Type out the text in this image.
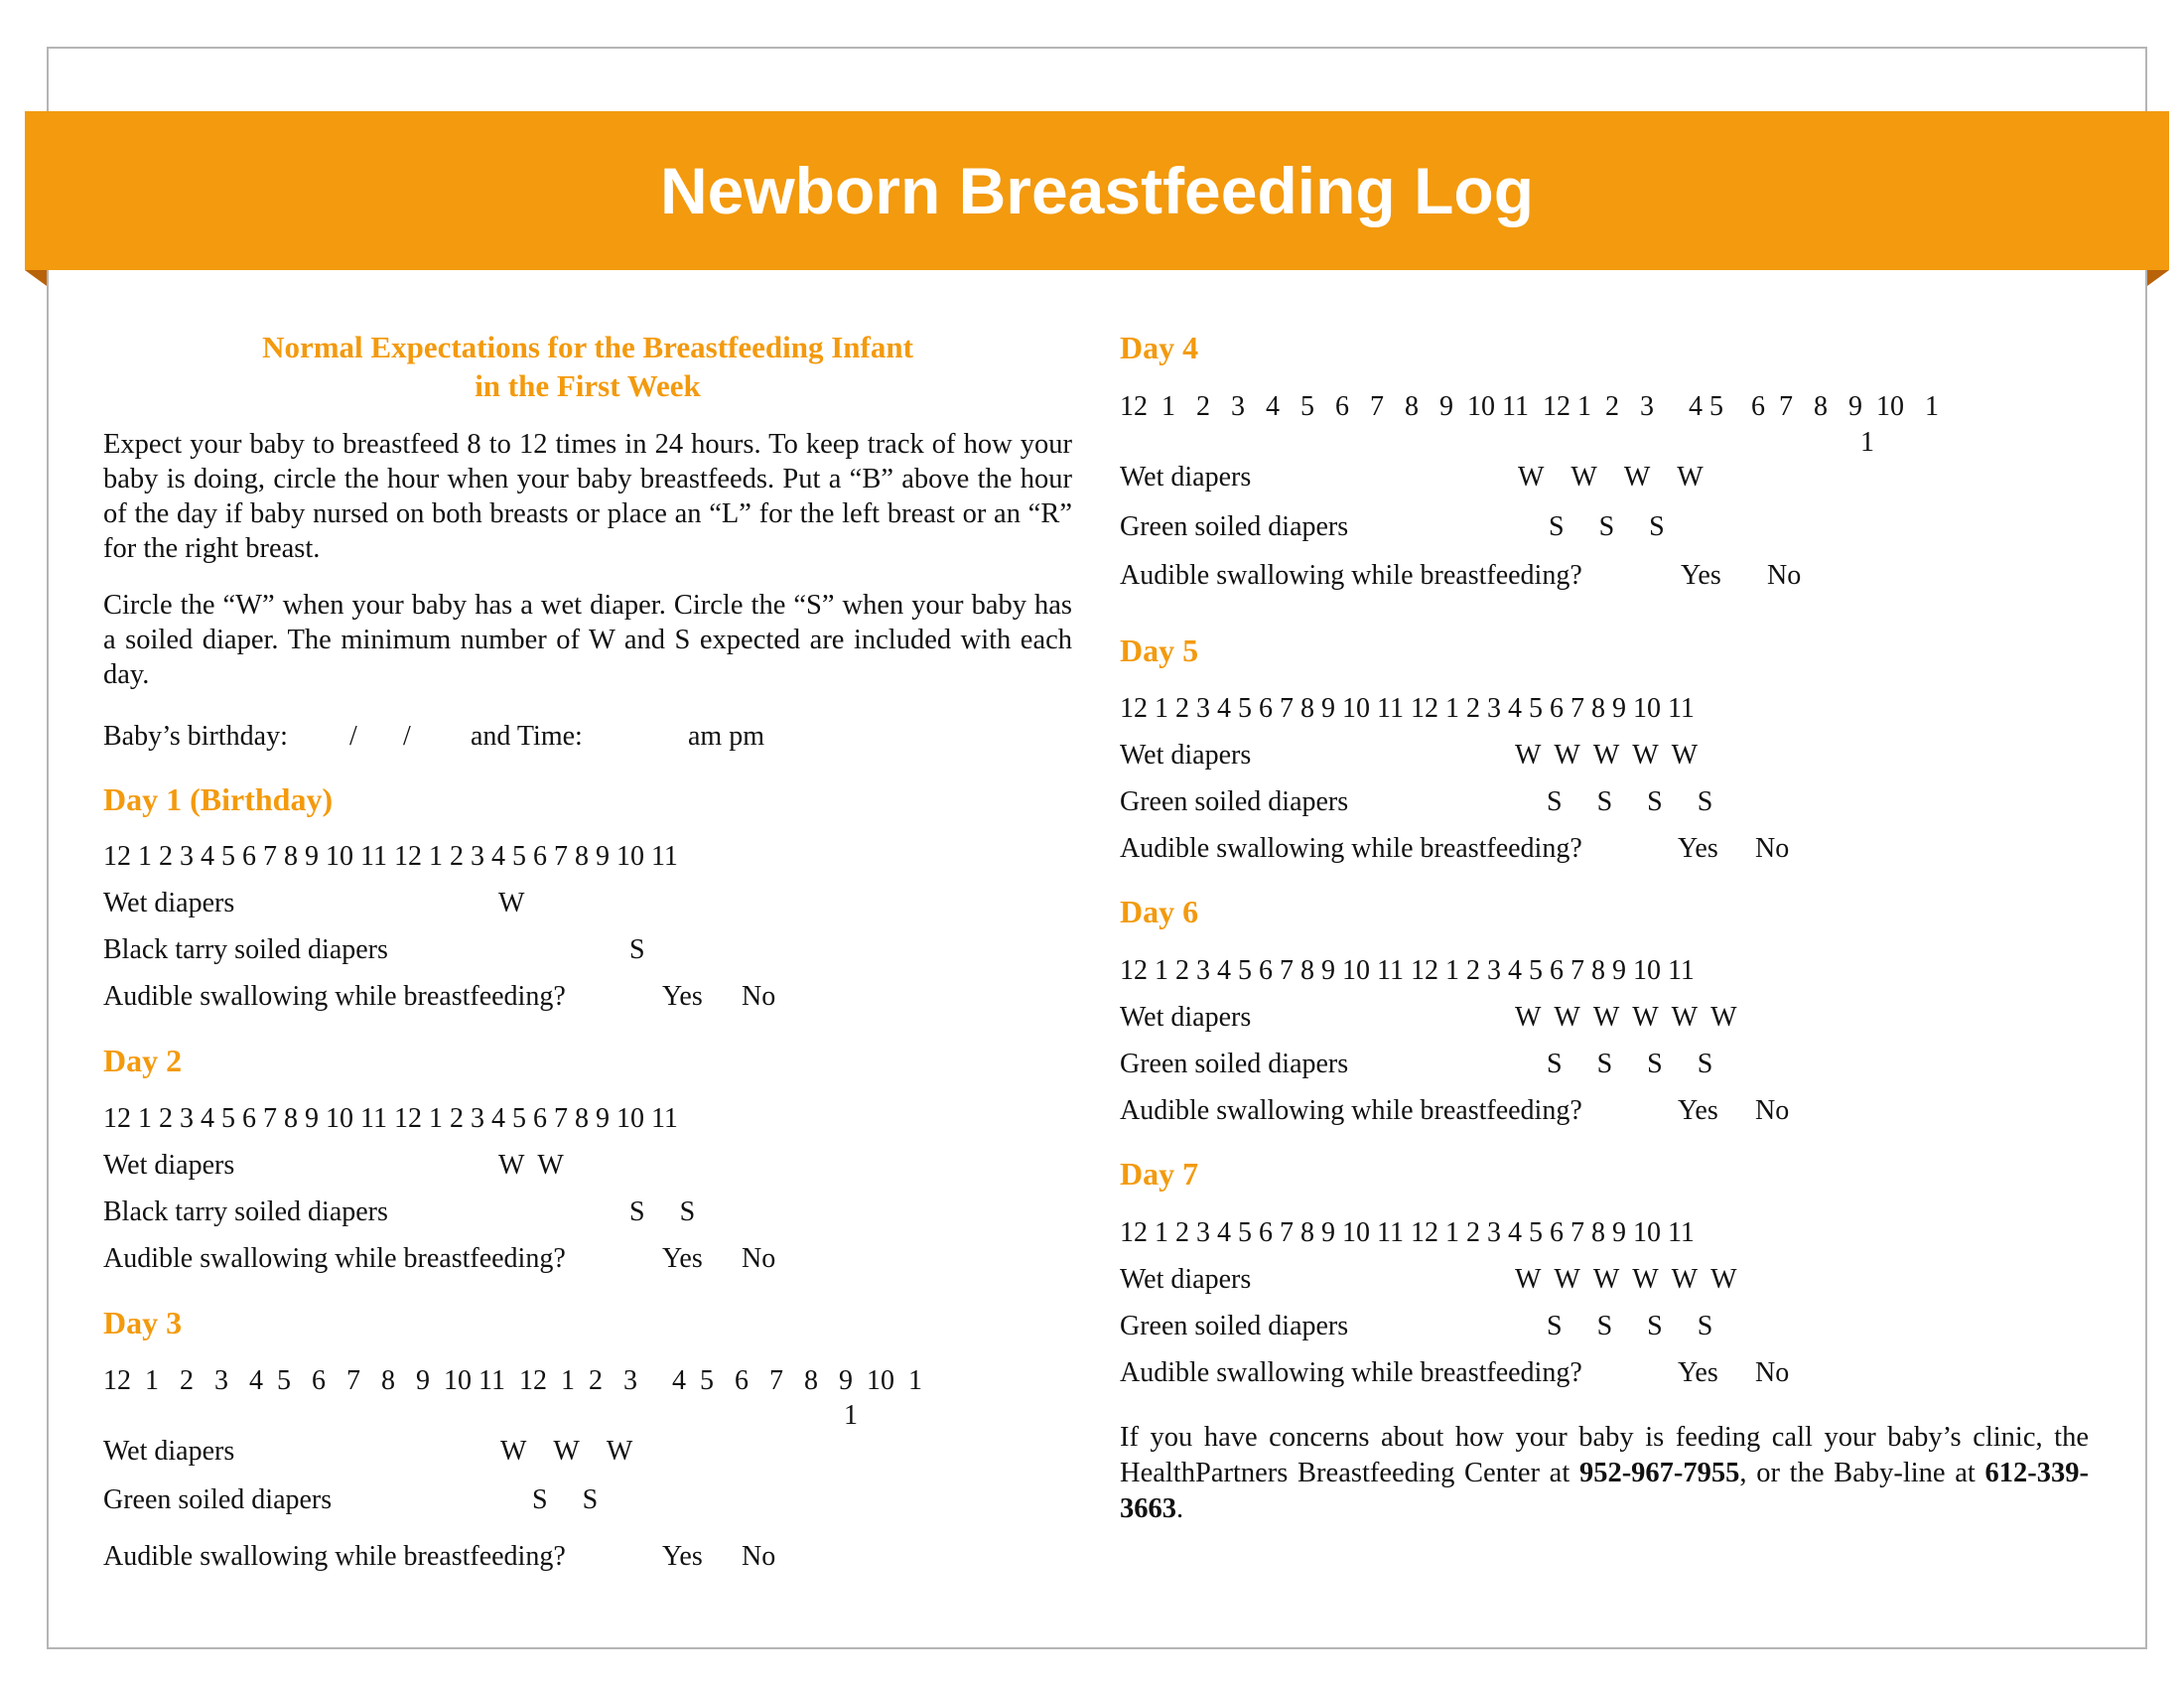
Newborn Breastfeeding Log
Normal Expectations for the Breastfeeding Infant
in the First Week
Expect your baby to breastfeed 8 to 12 times in 24 hours. To keep track of how your baby is doing, circle the hour when your baby breastfeeds. Put a “B” above the hour of the day if baby nursed on both breasts or place an “L” for the left breast or an “R” for the right breast.
Circle the “W” when your baby has a wet diaper. Circle the “S” when your baby has a soiled diaper. The minimum number of W and S expected are included with each day.
Baby’s birthday: / / and Time:	am pm
Day 1 (Birthday)
12 1 2 3 4 5 6 7 8 9 10 11 12 1 2 3 4 5 6 7 8 9 10 11
Wet diapers	W
Black tarry soiled diapers	S
Audible swallowing while breastfeeding?	Yes No
Day 2
12 1 2 3 4 5 6 7 8 9 10 11 12 1 2 3 4 5 6 7 8 9 10 11
Wet diapers	W  W
Black tarry soiled diapers	S     S
Audible swallowing while breastfeeding?	Yes No
Day 3
12  1   2   3   4  5   6   7   8   9  10 11  12  1  2   3     4  5   6   7   8   9  10  1
1
Wet diapers	W    W    W
Green soiled diapers	S     S
Audible swallowing while breastfeeding?	Yes No
Day 4
12  1   2   3   4   5   6   7   8   9  10 11  12 1  2   3     4 5    6  7   8   9  10   1
1
Wet diapers	W    W    W    W
Green soiled diapers	S     S     S
Audible swallowing while breastfeeding?	Yes No
Day 5
12 1 2 3 4 5 6 7 8 9 10 11 12 1 2 3 4 5 6 7 8 9 10 11
Wet diapers	W  W  W  W  W
Green soiled diapers	S     S     S     S
Audible swallowing while breastfeeding?	Yes No
Day 6
12 1 2 3 4 5 6 7 8 9 10 11 12 1 2 3 4 5 6 7 8 9 10 11
Wet diapers	W  W  W  W  W  W
Green soiled diapers	S     S     S     S
Audible swallowing while breastfeeding?	Yes No
Day 7
12 1 2 3 4 5 6 7 8 9 10 11 12 1 2 3 4 5 6 7 8 9 10 11
Wet diapers	W  W  W  W  W  W
Green soiled diapers	S     S     S     S
Audible swallowing while breastfeeding?	Yes No
If you have concerns about how your baby is feeding call your baby’s clinic, the HealthPartners Breastfeeding Center at 952-967-7955, or the Baby-line at 612-339-3663.
